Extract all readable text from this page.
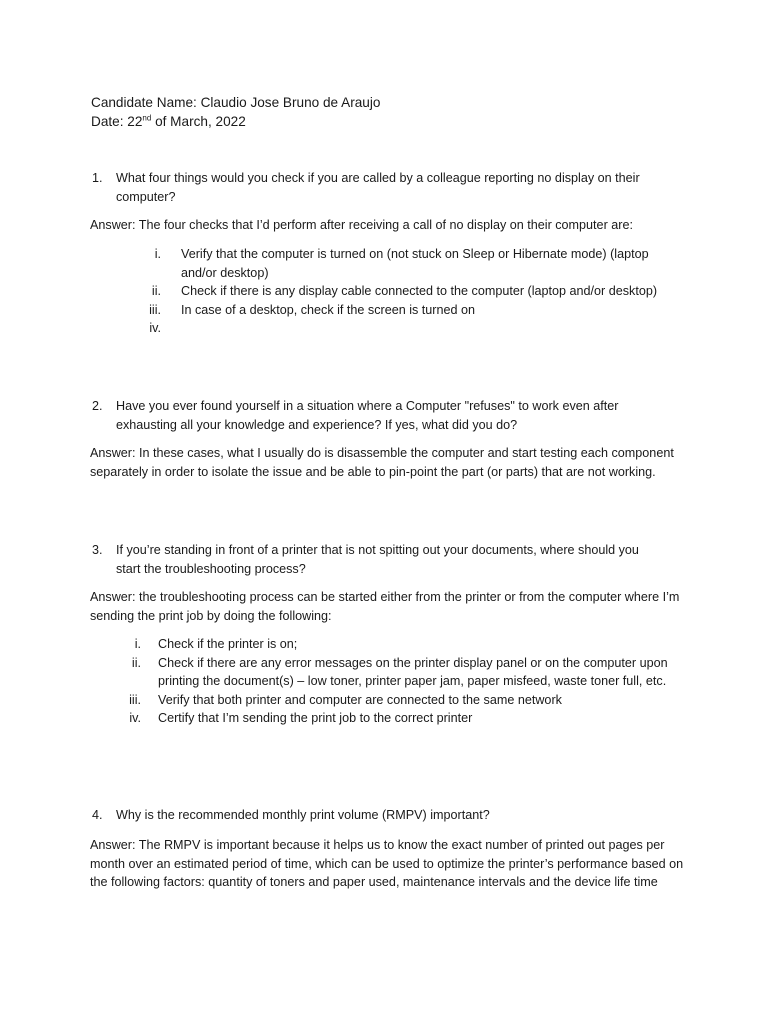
Candidate Name: Claudio Jose Bruno de Araujo
Date: 22nd of March, 2022
1. What four things would you check if you are called by a colleague reporting no display on their computer?
Answer: The four checks that I’d perform after receiving a call of no display on their computer are:
i. Verify that the computer is turned on (not stuck on Sleep or Hibernate mode) (laptop and/or desktop)
ii. Check if there is any display cable connected to the computer (laptop and/or desktop)
iii. In case of a desktop, check if the screen is turned on
iv.
2. Have you ever found yourself in a situation where a Computer "refuses" to work even after exhausting all your knowledge and experience? If yes, what did you do?
Answer: In these cases, what I usually do is disassemble the computer and start testing each component separately in order to isolate the issue and be able to pin-point the part (or parts) that are not working.
3. If you’re standing in front of a printer that is not spitting out your documents, where should you start the troubleshooting process?
Answer: the troubleshooting process can be started either from the printer or from the computer where I’m sending the print job by doing the following:
i. Check if the printer is on;
ii. Check if there are any error messages on the printer display panel or on the computer upon printing the document(s) – low toner, printer paper jam, paper misfeed, waste toner full, etc.
iii. Verify that both printer and computer are connected to the same network
iv. Certify that I’m sending the print job to the correct printer
4. Why is the recommended monthly print volume (RMPV) important?
Answer: The RMPV is important because it helps us to know the exact number of printed out pages per month over an estimated period of time, which can be used to optimize the printer’s performance based on the following factors: quantity of toners and paper used, maintenance intervals and the device life time
